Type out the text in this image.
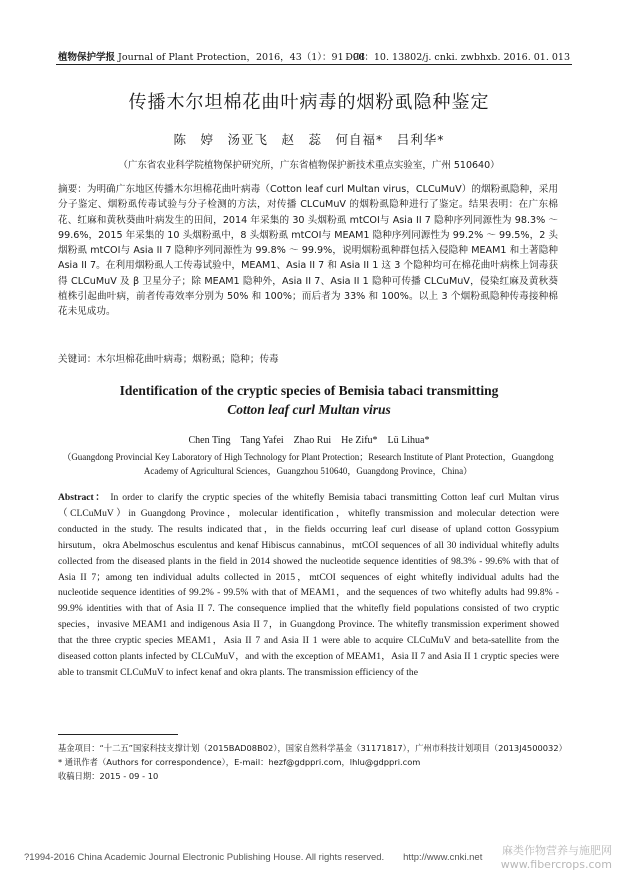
植物保护学报 Journal of Plant Protection，2016，43（1）：91 - 98
DOI：10. 13802/j. cnki. zwbhxb. 2016. 01. 013
传播木尔坦棉花曲叶病毒的烟粉虱隐种鉴定
陈　婷　汤亚飞　赵　蕊　何自福*　吕利华*
（广东省农业科学院植物保护研究所，广东省植物保护新技术重点实验室，广州 510640）
摘要：为明确广东地区传播木尔坦棉花曲叶病毒（Cotton leaf curl Multan virus，CLCuMuV）的烟粉虱隐种，采用分子鉴定、烟粉虱传毒试验与分子检测的方法，对传播 CLCuMuV 的烟粉虱隐种进行了鉴定。结果表明：在广东棉花、红麻和黄秋葵曲叶病发生的田间，2014 年采集的 30 头烟粉虱 mtCOI与 Asia II 7 隐种序列同源性为 98.3% ～ 99.6%，2015 年采集的 10 头烟粉虱中，8 头烟粉虱 mtCOI与 MEAM1 隐种序列同源性为 99.2% ～ 99.5%，2 头烟粉虱 mtCOI与 Asia II 7 隐种序列同源性为 99.8% ～ 99.9%，说明烟粉虱种群包括入侵隐种 MEAM1 和土著隐种 Asia II 7。在利用烟粉虱人工传毒试验中，MEAM1、Asia II 7 和 Asia II 1 这 3 个隐种均可在棉花曲叶病株上饲毒获得 CLCuMuV 及 β 卫星分子；除 MEAM1 隐种外，Asia II 7、Asia II 1 隐种可传播 CLCuMuV，侵染红麻及黄秋葵植株引起曲叶病，前者传毒效率分别为 50% 和 100%；而后者为 33% 和 100%。以上 3 个烟粉虱隐种传毒接种棉花未见成功。
关键词：木尔坦棉花曲叶病毒；烟粉虱；隐种；传毒
Identification of the cryptic species of Bemisia tabaci transmitting
Cotton leaf curl Multan virus
Chen Ting　Tang Yafei　Zhao Rui　He Zifu*　Lü Lihua*
（Guangdong Provincial Key Laboratory of High Technology for Plant Protection；Research Institute of Plant Protection，Guangdong Academy of Agricultural Sciences，Guangzhou 510640，Guangdong Province，China）
Abstract： In order to clarify the cryptic species of the whitefly Bemisia tabaci transmitting Cotton leaf curl Multan virus（CLCuMuV）in Guangdong Province，molecular identification，whitefly transmission and molecular detection were conducted in the study. The results indicated that，in the fields occurring leaf curl disease of upland cotton Gossypium hirsutum，okra Abelmoschus esculentus and kenaf Hibiscus cannabinus，mtCOI sequences of all 30 individual whitefly adults collected from the diseased plants in the field in 2014 showed the nucleotide sequence identities of 98.3% - 99.6% with that of Asia II 7；among ten individual adults collected in 2015，mtCOI sequences of eight whitefly individual adults had the nucleotide sequence identities of 99.2% - 99.5% with that of MEAM1，and the sequences of two whitefly adults had 99.8% - 99.9% identities with that of Asia II 7. The consequence implied that the whitefly field populations consisted of two cryptic species，invasive MEAM1 and indigenous Asia II 7，in Guangdong Province. The whitefly transmission experiment showed that the three cryptic species MEAM1，Asia II 7 and Asia II 1 were able to acquire CLCuMuV and beta-satellite from the diseased cotton plants infected by CLCuMuV，and with the exception of MEAM1，Asia II 7 and Asia II 1 cryptic species were able to transmit CLCuMuV to infect kenaf and okra plants. The transmission efficiency of the
基金项目：“十二五”国家科技支撑计划（2015BAD08B02），国家自然科学基金（31171817），广州市科技计划项目（2013J4500032）
* 通讯作者（Authors for correspondence），E-mail：hezf@gdppri.com，lhlu@gdppri.com
收稿日期：2015 - 09 - 10
?1994-2016 China Academic Journal Electronic Publishing House. All rights reserved.　　http://www.cnki.net
麻类作物营养与施肥网
www.fibercrops.com
